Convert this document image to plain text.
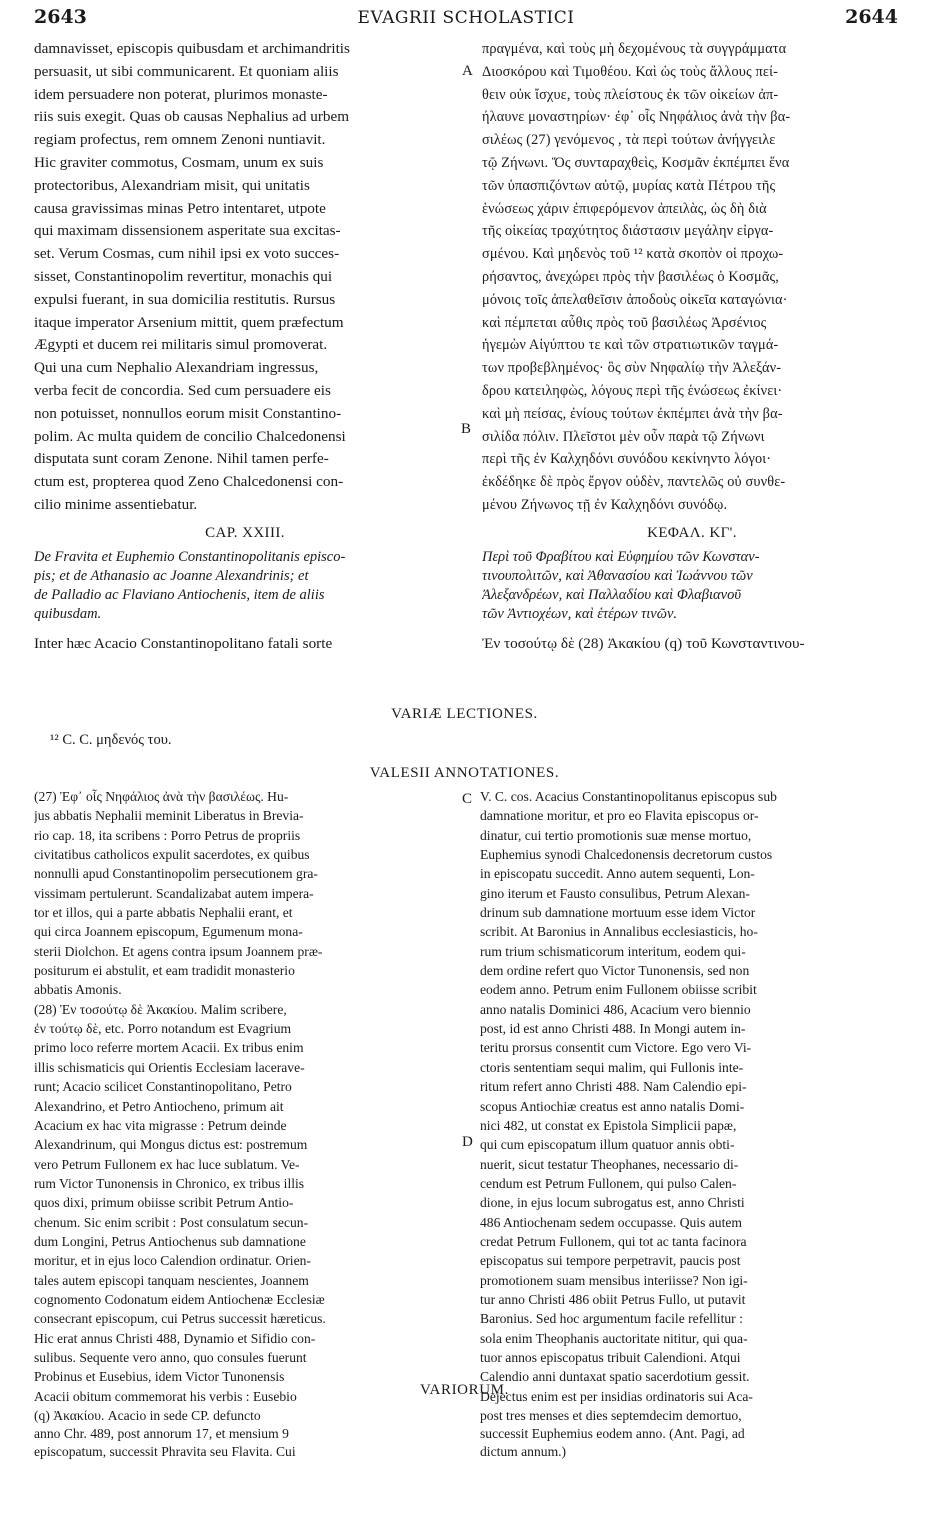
2643	EVAGRII SCHOLASTICI	2644
damnavisset, episcopis quibusdam et archimandritis
persuasit, ut sibi communicarent. Et quoniam aliis
idem persuadere non poterat, plurimos monaste-
riis suis exegit. Quas ob causas Nephalius ad urbem
regiam profectus, rem omnem Zenoni nuntiavit.
Hic graviter commotus, Cosmam, unum ex suis
protectoribus, Alexandriam misit, qui unitatis
causa gravissimas minas Petro intentaret, utpote
qui maximam dissensionem asperitate sua excitas-
set. Verum Cosmas, cum nihil ipsi ex voto succes-
sisset, Constantinopolim revertitur, monachis qui
expulsi fuerant, in sua domicilia restitutis. Rursus
itaque imperator Arsenium mittit, quem præfectum
Ægypti et ducem rei militaris simul promoverat.
Qui una cum Nephalio Alexandriam ingressus,
verba fecit de concordia. Sed cum persuadere eis
non potuisset, nonnullos eorum misit Constantino-
polim. Ac multa quidem de concilio Chalcedonensi
disputata sunt coram Zenone. Nihil tamen perfe-
ctum est, propterea quod Zeno Chalcedonensi con-
cilio minime assentiebatur.
CAP. XXIII.
De Fravita et Euphemio Constantinopolitanis episco-
pis; et de Athanasio ac Joanne Alexandrinis; et
de Palladio ac Flaviano Antiochenis, item de aliis
quibusdam.
Inter hæc Acacio Constantinopolitano fatali sorte
πραγμένα, καὶ τοὺς μὴ δεχομένους τὰ συγγράμματα
Διοσκόρου καὶ Τιμοθέου. Καὶ ὡς τοὺς ἄλλους πεί-
θειν οὐκ ἴσχυε, τοὺς πλείστους ἐκ τῶν οἰκείων ἀπ-
ήλαυνε μοναστηρίων· ἐφ᾽ οἷς Νηφάλιος ἀνὰ τὴν βα-
σιλέως (27) γενόμενος , τὰ περὶ τούτων ἀνήγγειλε
τῷ Ζήνωνι. Ὅς συνταραχθεὶς, Κοσμᾶν ἐκπέμπει ἕνα
τῶν ὑπασπιζόντων αὐτῷ, μυρίας κατὰ Πέτρου τῆς
ἑνώσεως χάριν ἐπιφερόμενον ἀπειλὰς, ὡς δὴ διὰ
τῆς οἰκείας τραχύτητος διάστασιν μεγάλην εἰργα-
σμένου. Καὶ μηδενὸς τοῦ ¹² κατὰ σκοπὸν οἱ προχω-
ρήσαντος, ἀνεχώρει πρὸς τὴν βασιλέως ὁ Κοσμᾶς,
μόνοις τοῖς ἀπελαθεῖσιν ἀποδοὺς οἰκεῖα καταγώνια·
καὶ πέμπεται αὖθις πρὸς τοῦ βασιλέως Ἀρσένιος
ἡγεμὼν Αἰγύπτου τε καὶ τῶν στρατιωτικῶν ταγμά-
των προβεβλημένος· ὃς σὺν Νηφαλίῳ τὴν Ἀλεξάν-
δρου κατειληφὼς, λόγους περὶ τῆς ἑνώσεως ἐκίνει·
καὶ μὴ πείσας, ἐνίους τούτων ἐκπέμπει ἀνὰ τὴν βα-
σιλίδα πόλιν. Πλεῖστοι μὲν οὖν παρὰ τῷ Ζήνωνι
περὶ τῆς ἐν Καλχηδόνι συνόδου κεκίνηντο λόγοι·
ἐκδέδηκε δὲ πρὸς ἔργον οὐδὲν, παντελῶς οὐ συνθε-
μένου Ζήνωνος τῇ ἐν Καλχηδόνι συνόδῳ.
ΚΕΦΑΛ. ΚΓ'.
Περὶ τοῦ Φραβίτου καὶ Εὐφημίου τῶν Κωνσταν-
τινουπολιτῶν, καὶ Ἀθανασίου καὶ Ἰωάννου τῶν
Ἀλεξανδρέων, καὶ Παλλαδίου καὶ Φλαβιανοῦ
τῶν Ἀντιοχέων, καὶ ἑτέρων τινῶν.
Ἐν τοσούτῳ δὲ (28) Ἀκακίου (q) τοῦ Κωνσταντινου-
A
B
VARIÆ LECTIONES.
¹² C. C. μηδενός του.
VALESII ANNOTATIONES.
(27) Ἐφ᾽ οἷς Νηφάλιος ἀνὰ τὴν βασιλέως. Hu-
jus abbatis Nephalii meminit Liberatus in Brevia-
rio cap. 18, ita scribens : Porro Petrus de propriis
civitatibus catholicos expulit sacerdotes, ex quibus
nonnulli apud Constantinopolim persecutionem gra-
vissimam pertulerunt. Scandalizabat autem impera-
tor et illos, qui a parte abbatis Nephalii erant, et
qui circa Joannem episcopum, Egumenum mona-
sterii Diolchon. Et agens contra ipsum Joannem præ-
positurum ei abstulit, et eam tradidit monasterio
abbatis Amonis.
(28) Ἐν τοσούτῳ δὲ Ἀκακίου. Malim scribere,
ἐν τούτῳ δὲ, etc. Porro notandum est Evagrium
primo loco referre mortem Acacii. Ex tribus enim
illis schismaticis qui Orientis Ecclesiam laceravе-
runt; Acacio scilicet Constantinopolitano, Petro
Alexandrino, et Petro Antiocheno, primum ait
Acacium ex hac vita migrasse : Petrum deinde
Alexandrinum, qui Mongus dictus est: postremum
vero Petrum Fullonem ex hac luce sublatum. Ve-
rum Victor Tunonensis in Chronico, ex tribus illis
quos dixi, primum obiisse scribit Petrum Antio-
chenum. Sic enim scribit : Post consulatum secun-
dum Longini, Petrus Antiochenus sub damnatione
moritur, et in ejus loco Calendion ordinatur. Orien-
tales autem episcopi tanquam nescientes, Joannem
cognomento Codonatum eidem Antiochenæ Ecclesiæ
consecrant episcopum, cui Petrus successit hæreticus.
Hic erat annus Christi 488, Dynamio et Sifidio con-
sulibus. Sequente vero anno, quo consules fuerunt
Probinus et Eusebius, idem Victor Tunonensis
Acacii obitum commemorat his verbis : Eusebio
V. C. cos. Acacius Constantinopolitanus episcopus sub
damnatione moritur, et pro eo Flavita episcopus or-
dinatur, cui tertio promotionis suæ mense mortuo,
Euphemius synodi Chalcedonensis decretorum custos
in episcopatu succedit. Anno autem sequenti, Lon-
gino iterum et Fausto consulibus, Petrum Alexan-
drinum sub damnatione mortuum esse idem Victor
scribit. At Baronius in Annalibus ecclesiasticis, ho-
rum trium schismaticorum interitum, eodem qui-
dem ordine refert quo Victor Tunonensis, sed non
eodem anno. Petrum enim Fullonem obiisse scribit
anno natalis Dominici 486, Acacium vero biennio
post, id est anno Christi 488. In Mongi autem in-
teritu prorsus consentit cum Victore. Ego vero Vi-
ctoris sententiam sequi malim, qui Fullonis inte-
ritum refert anno Christi 488. Nam Calendio epi-
scopus Antiochiæ creatus est anno natalis Domi-
nici 482, ut constat ex Epistola Simplicii papæ,
qui cum episcopatum illum quatuor annis obti-
nuerit, sicut testatur Theophanes, necessario di-
cendum est Petrum Fullonem, qui pulso Calen-
dione, in ejus locum subrogatus est, anno Christi
486 Antiochenam sedem occupasse. Quis autem
credat Petrum Fullonem, qui tot ac tanta facinora
episcopatus sui tempore perpetravit, paucis post
promotionem suam mensibus interiisse? Non igi-
tur anno Christi 486 obiit Petrus Fullo, ut putavit
Baronius. Sed hoc argumentum facile refellitur :
sola enim Theophanis auctoritate nititur, qui qua-
tuor annos episcopatus tribuit Calendioni. Atqui
Calendio anni duntaxat spatio sacerdotium gessit.
Dejectus enim est per insidias ordinatoris sui Aca-
C
D
VARIORUM.
(q) Ἀκακίου. Acacio in sede CP. defuncto
anno Chr. 489, post annorum 17, et mensium 9
episcopatum, successit Phravita seu Flavita. Cui
post tres menses et dies septemdecim demortuo,
successit Euphemius eodem anno. (Ant. Pagi, ad
dictum annum.)
